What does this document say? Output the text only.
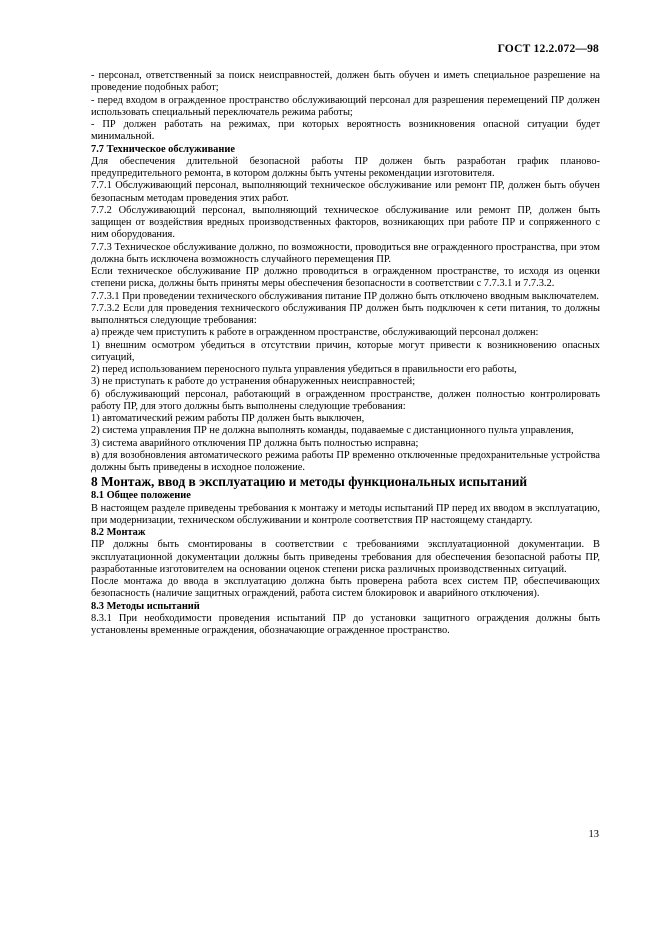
ГОСТ 12.2.072—98

- персонал, ответственный за поиск неисправностей, должен быть обучен и иметь специальное разрешение на проведение подобных работ;

- перед входом в огражденное пространство обслуживающий персонал для разрешения перемещений ПР должен использовать специальный переключатель режима работы;

- ПР должен работать на режимах, при которых вероятность возникновения опасной ситуации будет минимальной.

7.7 Техническое обслуживание

Для обеспечения длительной безопасной работы ПР должен быть разработан график планово-предупредительного ремонта, в котором должны быть учтены рекомендации изготовителя.

7.7.1 Обслуживающий персонал, выполняющий техническое обслуживание или ремонт ПР, должен быть обучен безопасным методам проведения этих работ.

7.7.2 Обслуживающий персонал, выполняющий техническое обслуживание или ремонт ПР, должен быть защищен от воздействия вредных производственных факторов, возникающих при работе ПР и сопряженного с ним оборудования.

7.7.3 Техническое обслуживание должно, по возможности, проводиться вне огражденного пространства, при этом должна быть исключена возможность случайного перемещения ПР.

Если техническое обслуживание ПР должно проводиться в огражденном пространстве, то исходя из оценки степени риска, должны быть приняты меры обеспечения безопасности в соответствии с 7.7.3.1 и 7.7.3.2.

7.7.3.1 При проведении технического обслуживания питание ПР должно быть отключено вводным выключателем.

7.7.3.2 Если для проведения технического обслуживания ПР должен быть подключен к сети питания, то должны выполняться следующие требования:

а) прежде чем приступить к работе в огражденном пространстве, обслуживающий персонал должен:

1) внешним осмотром убедиться в отсутствии причин, которые могут привести к возникновению опасных ситуаций,

2) перед использованием переносного пульта управления убедиться в правильности его работы,

3) не приступать к работе до устранения обнаруженных неисправностей;

б) обслуживающий персонал, работающий в огражденном пространстве, должен полностью контролировать работу ПР, для этого должны быть выполнены следующие требования:

1) автоматический режим работы ПР должен быть выключен,

2) система управления ПР не должна выполнять команды, подаваемые с дистанционного пульта управления,

3) система аварийного отключения ПР должна быть полностью исправна;

в) для возобновления автоматического режима работы ПР временно отключенные предохранительные устройства должны быть приведены в исходное положение.

8 Монтаж, ввод в эксплуатацию и методы функциональных испытаний

8.1 Общее положение

В настоящем разделе приведены требования к монтажу и методы испытаний ПР перед их вводом в эксплуатацию, при модернизации, техническом обслуживании и контроле соответствия ПР настоящему стандарту.

8.2 Монтаж

ПР должны быть смонтированы в соответствии с требованиями эксплуатационной документации. В эксплуатационной документации должны быть приведены требования для обеспечения безопасной работы ПР, разработанные изготовителем на основании оценок степени риска различных производственных ситуаций.

После монтажа до ввода в эксплуатацию должна быть проверена работа всех систем ПР, обеспечивающих безопасность (наличие защитных ограждений, работа систем блокировок и аварийного отключения).

8.3 Методы испытаний

8.3.1 При необходимости проведения испытаний ПР до установки защитного ограждения должны быть установлены временные ограждения, обозначающие огражденное пространство.

13
